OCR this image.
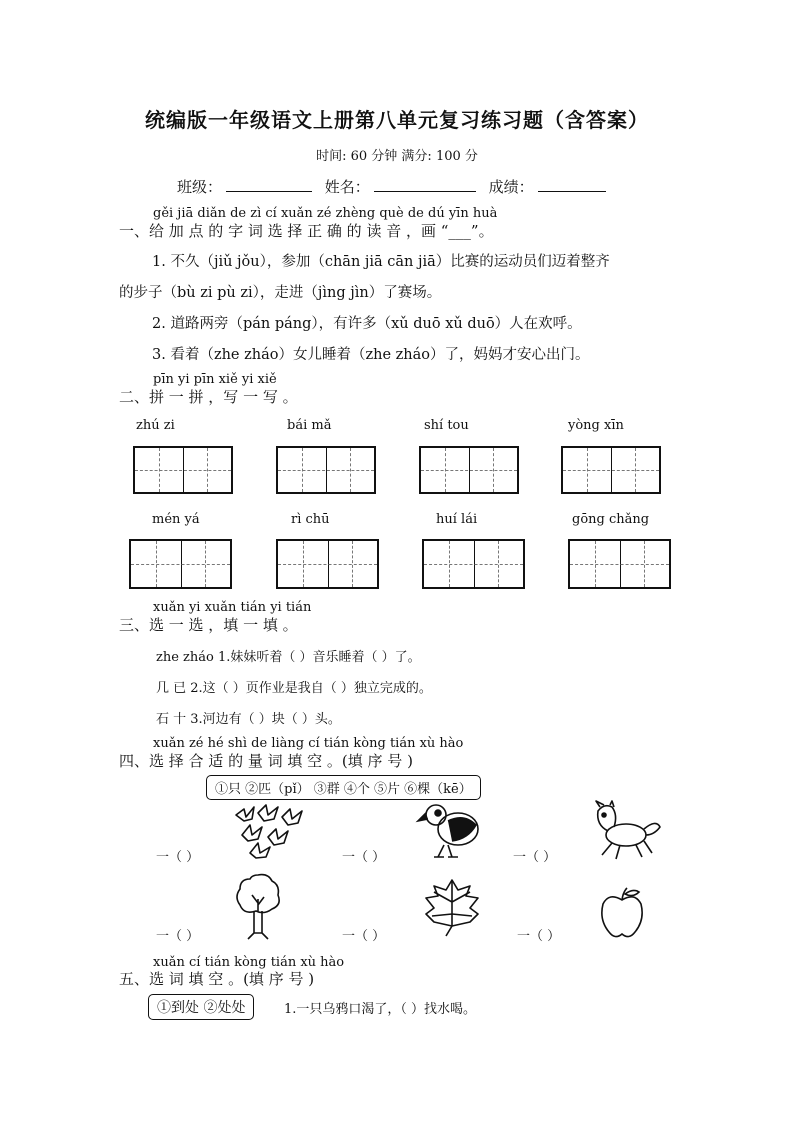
统编版一年级语文上册第八单元复习练习题（含答案）
时间: 60 分钟 满分: 100 分
班级：	姓名：	成绩：
gěi jiā diǎn de zì cí xuǎn zé zhèng què de dú yīn huà
一、给 加 点 的 字 词 选 择 正 确 的 读 音 ，画 “___”。
1. 不久（jiǔ jǒu），参加（chān jiā cān jiā）比赛的运动员们迈着整齐
的步子（bù zi pù zi），走进（jìng jìn）了赛场。
2. 道路两旁（pán páng），有许多（xǔ duō xǔ duō）人在欢呼。
3. 看着（zhe zháo）女儿睡着（zhe zháo）了，妈妈才安心出门。
pīn yi pīn xiě yi xiě
二、拼 一 拼 ，写 一 写 。
zhú zi	bái mǎ	shí tou	yòng xīn
mén yá	rì chū	huí lái	gōng chǎng
xuǎn yi xuǎn tián yi tián
三、选 一 选 ，填 一 填 。
zhe zháo 1.妹妹听着（ ）音乐睡着（ ）了。
几 已 2.这（ ）页作业是我自（ ）独立完成的。
石 十 3.河边有（ ）块（ ）头。
xuǎn zé hé shì de liàng cí tián kòng tián xù hào
四、选 择 合 适 的 量 词 填 空 。(填 序 号 )
①只 ②匹（pǐ） ③群 ④个 ⑤片 ⑥棵（kē）
一（ ）	一（ ）	一（ ）
一（ ）	一（ ）	一（ ）
xuǎn cí tián kòng tián xù hào
五、选 词 填 空 。(填 序 号 )
①到处 ②处处	1.一只乌鸦口渴了，（ ）找水喝。
